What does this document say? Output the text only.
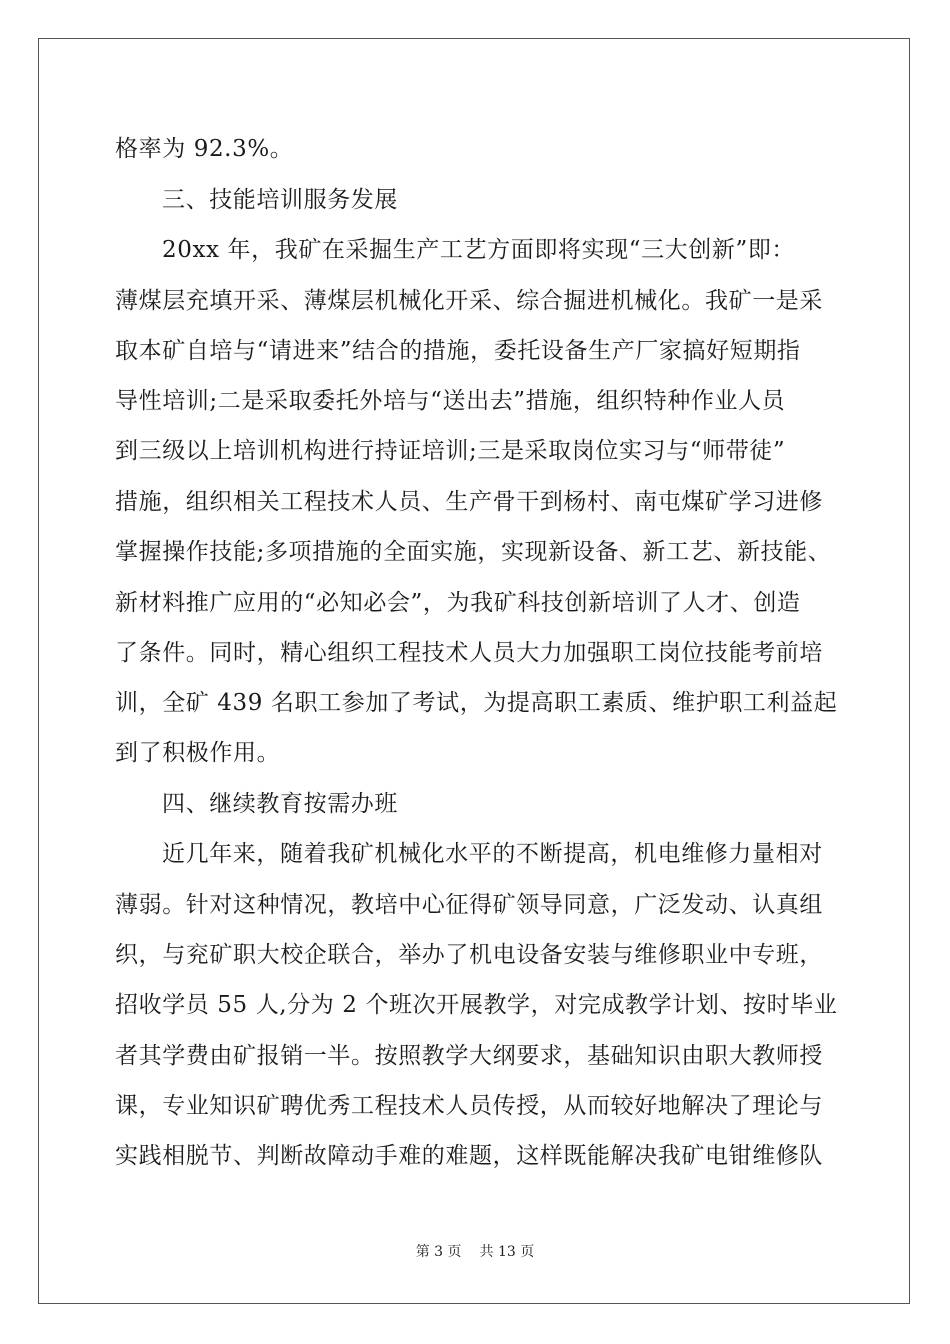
格率为 92.3%。
三、技能培训服务发展
20xx 年，我矿在采掘生产工艺方面即将实现“三大创新”即：
薄煤层充填开采、薄煤层机械化开采、综合掘进机械化。我矿一是采
取本矿自培与“请进来”结合的措施，委托设备生产厂家搞好短期指
导性培训;二是采取委托外培与“送出去”措施，组织特种作业人员
到三级以上培训机构进行持证培训;三是采取岗位实习与“师带徒”
措施，组织相关工程技术人员、生产骨干到杨村、南屯煤矿学习进修
掌握操作技能;多项措施的全面实施，实现新设备、新工艺、新技能、
新材料推广应用的“必知必会”，为我矿科技创新培训了人才、创造
了条件。同时，精心组织工程技术人员大力加强职工岗位技能考前培
训，全矿 439 名职工参加了考试，为提高职工素质、维护职工利益起
到了积极作用。
四、继续教育按需办班
近几年来，随着我矿机械化水平的不断提高，机电维修力量相对
薄弱。针对这种情况，教培中心征得矿领导同意，广泛发动、认真组
织，与兖矿职大校企联合，举办了机电设备安装与维修职业中专班，
招收学员 55 人,分为 2 个班次开展教学，对完成教学计划、按时毕业
者其学费由矿报销一半。按照教学大纲要求，基础知识由职大教师授
课，专业知识矿聘优秀工程技术人员传授，从而较好地解决了理论与
实践相脱节、判断故障动手难的难题，这样既能解决我矿电钳维修队
第 3 页 共 13 页
